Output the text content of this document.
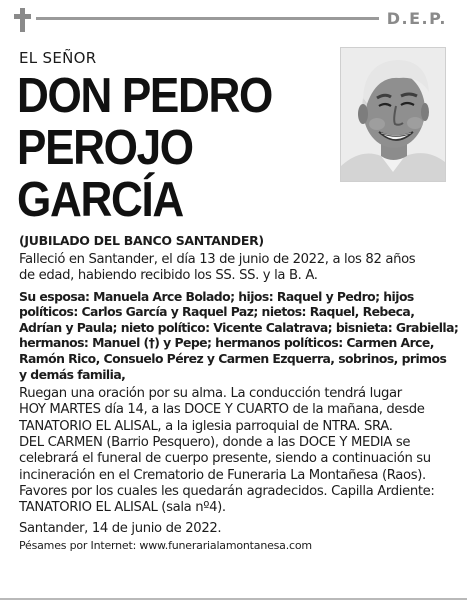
D.E.P.
EL SEÑOR
DON PEDRO
PEROJO
GARCÍA
(JUBILADO DEL BANCO SANTANDER)
Falleció en Santander, el día 13 de junio de 2022, a los 82 años
de edad, habiendo recibido los SS. SS. y la B. A.
Su esposa: Manuela Arce Bolado; hijos: Raquel y Pedro; hijos
políticos: Carlos García y Raquel Paz; nietos: Raquel, Rebeca,
Adrían y Paula; nieto político: Vicente Calatrava; bisnieta: Grabiella;
hermanos: Manuel (†) y Pepe; hermanos políticos: Carmen Arce,
Ramón Rico, Consuelo Pérez y Carmen Ezquerra, sobrinos, primos
y demás familia,
Ruegan una oración por su alma. La conducción tendrá lugar
HOY MARTES día 14, a las DOCE Y CUARTO de la mañana, desde
TANATORIO EL ALISAL, a la iglesia parroquial de NTRA. SRA.
DEL CARMEN (Barrio Pesquero), donde a las DOCE Y MEDIA se
celebrará el funeral de cuerpo presente, siendo a continuación su
incineración en el Crematorio de Funeraria La Montañesa (Raos).
Favores por los cuales les quedarán agradecidos. Capilla Ardiente:
TANATORIO EL ALISAL (sala nº4).
Santander, 14 de junio de 2022.
Pésames por Internet: www.funerarialamontanesa.com
